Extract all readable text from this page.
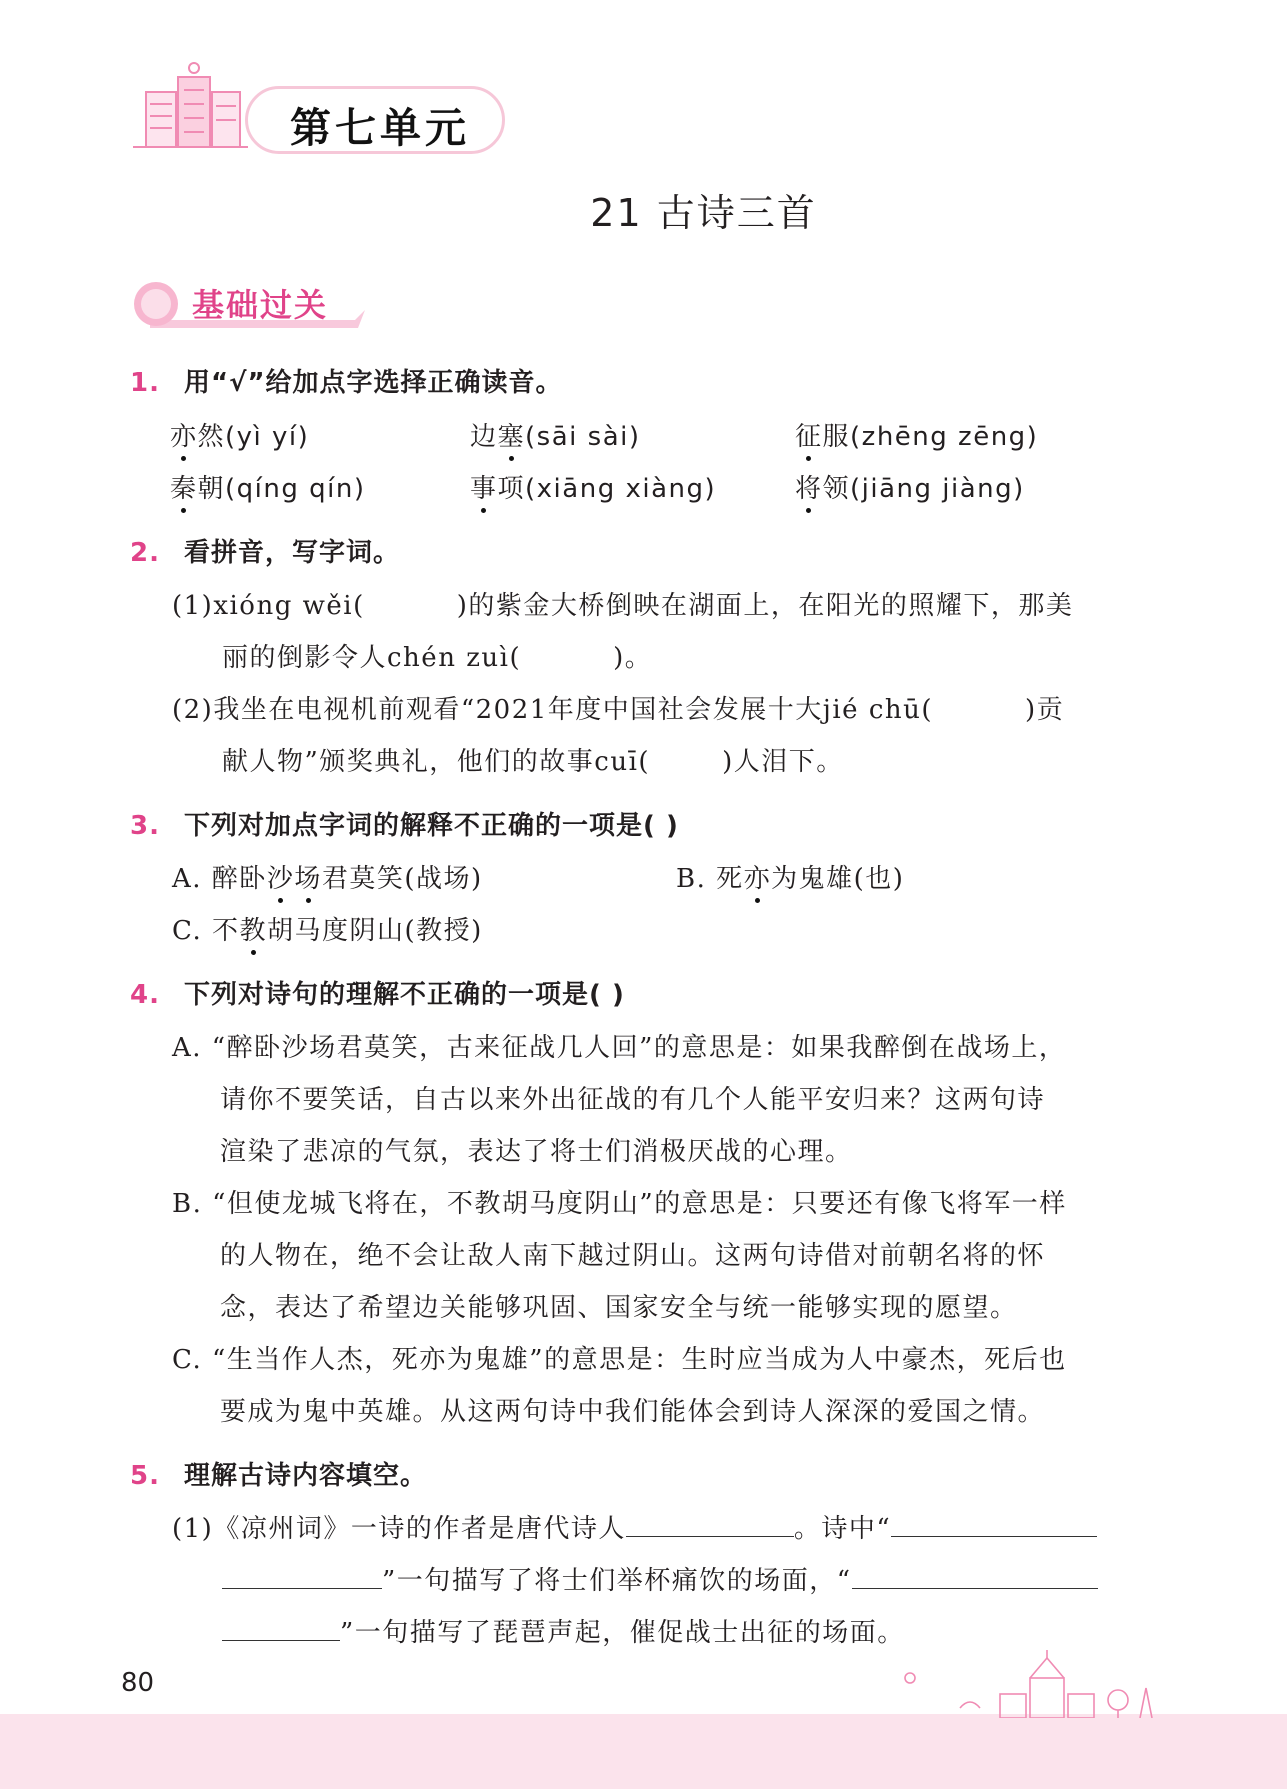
第七单元
21 古诗三首
基础过关
1. 用“√”给加点字选择正确读音。
亦然(yì yí)	边塞(sāi sài)	征服(zhēng zēng)
秦朝(qíng qín)	事项(xiāng xiàng)	将领(jiāng jiàng)
2. 看拼音，写字词。
(1)xióng wěi(	)的紫金大桥倒映在湖面上，在阳光的照耀下，那美
丽的倒影令人chén zuì(	)。
(2)我坐在电视机前观看“2021年度中国社会发展十大jié chū(	)贡
献人物”颁奖典礼，他们的故事cuī(	)人泪下。
3. 下列对加点字词的解释不正确的一项是( )
A. 醉卧沙场君莫笑(战场)	B. 死亦为鬼雄(也)
C. 不教胡马度阴山(教授)
4. 下列对诗句的理解不正确的一项是( )
A. “醉卧沙场君莫笑，古来征战几人回”的意思是：如果我醉倒在战场上，
请你不要笑话，自古以来外出征战的有几个人能平安归来？这两句诗
渲染了悲凉的气氛，表达了将士们消极厌战的心理。
B. “但使龙城飞将在，不教胡马度阴山”的意思是：只要还有像飞将军一样
的人物在，绝不会让敌人南下越过阴山。这两句诗借对前朝名将的怀
念，表达了希望边关能够巩固、国家安全与统一能够实现的愿望。
C. “生当作人杰，死亦为鬼雄”的意思是：生时应当成为人中豪杰，死后也
要成为鬼中英雄。从这两句诗中我们能体会到诗人深深的爱国之情。
5. 理解古诗内容填空。
(1)《凉州词》一诗的作者是唐代诗人	。诗中“
”一句描写了将士们举杯痛饮的场面，“
”一句描写了琵琶声起，催促战士出征的场面。
80
